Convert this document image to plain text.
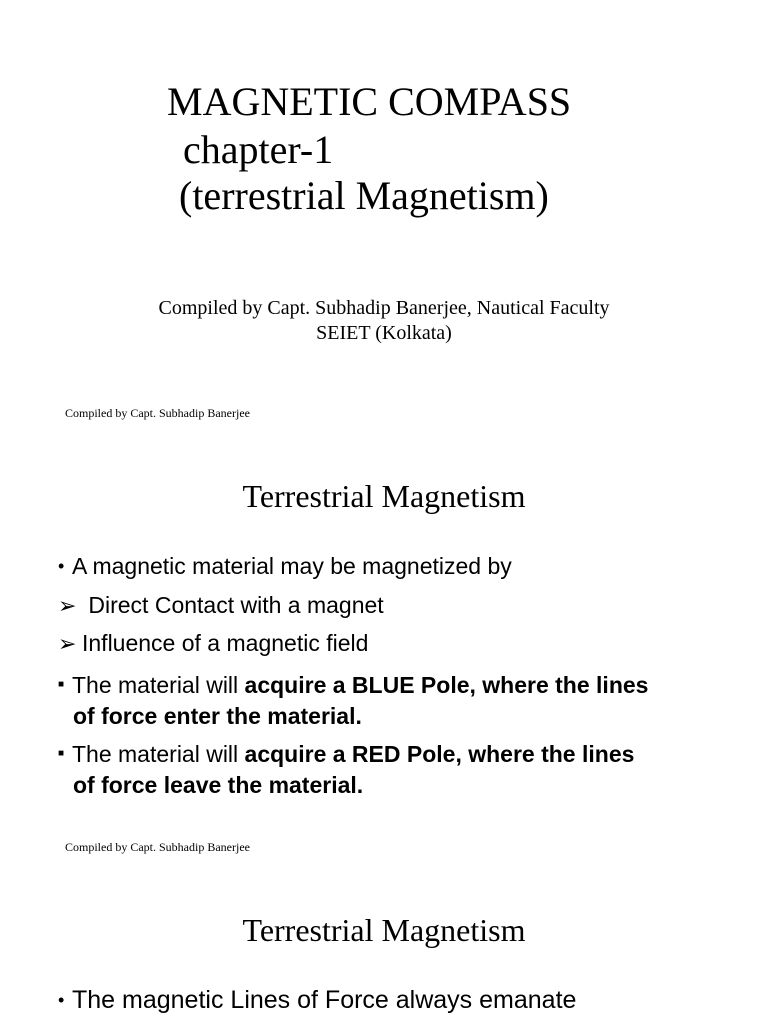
MAGNETIC COMPASS
chapter-1
(terrestrial Magnetism)
Compiled by Capt. Subhadip Banerjee, Nautical Faculty
SEIET (Kolkata)
Compiled by Capt. Subhadip Banerjee
Terrestrial Magnetism
• A magnetic material may be magnetized by
➢ Direct Contact with a magnet
➢ Influence of a magnetic field
■ The material will acquire a BLUE Pole, where the lines
of force enter the material.
■ The material will acquire a RED Pole, where the lines
of force leave the material.
Compiled by Capt. Subhadip Banerjee
Terrestrial Magnetism
• The magnetic Lines of Force always emanate
